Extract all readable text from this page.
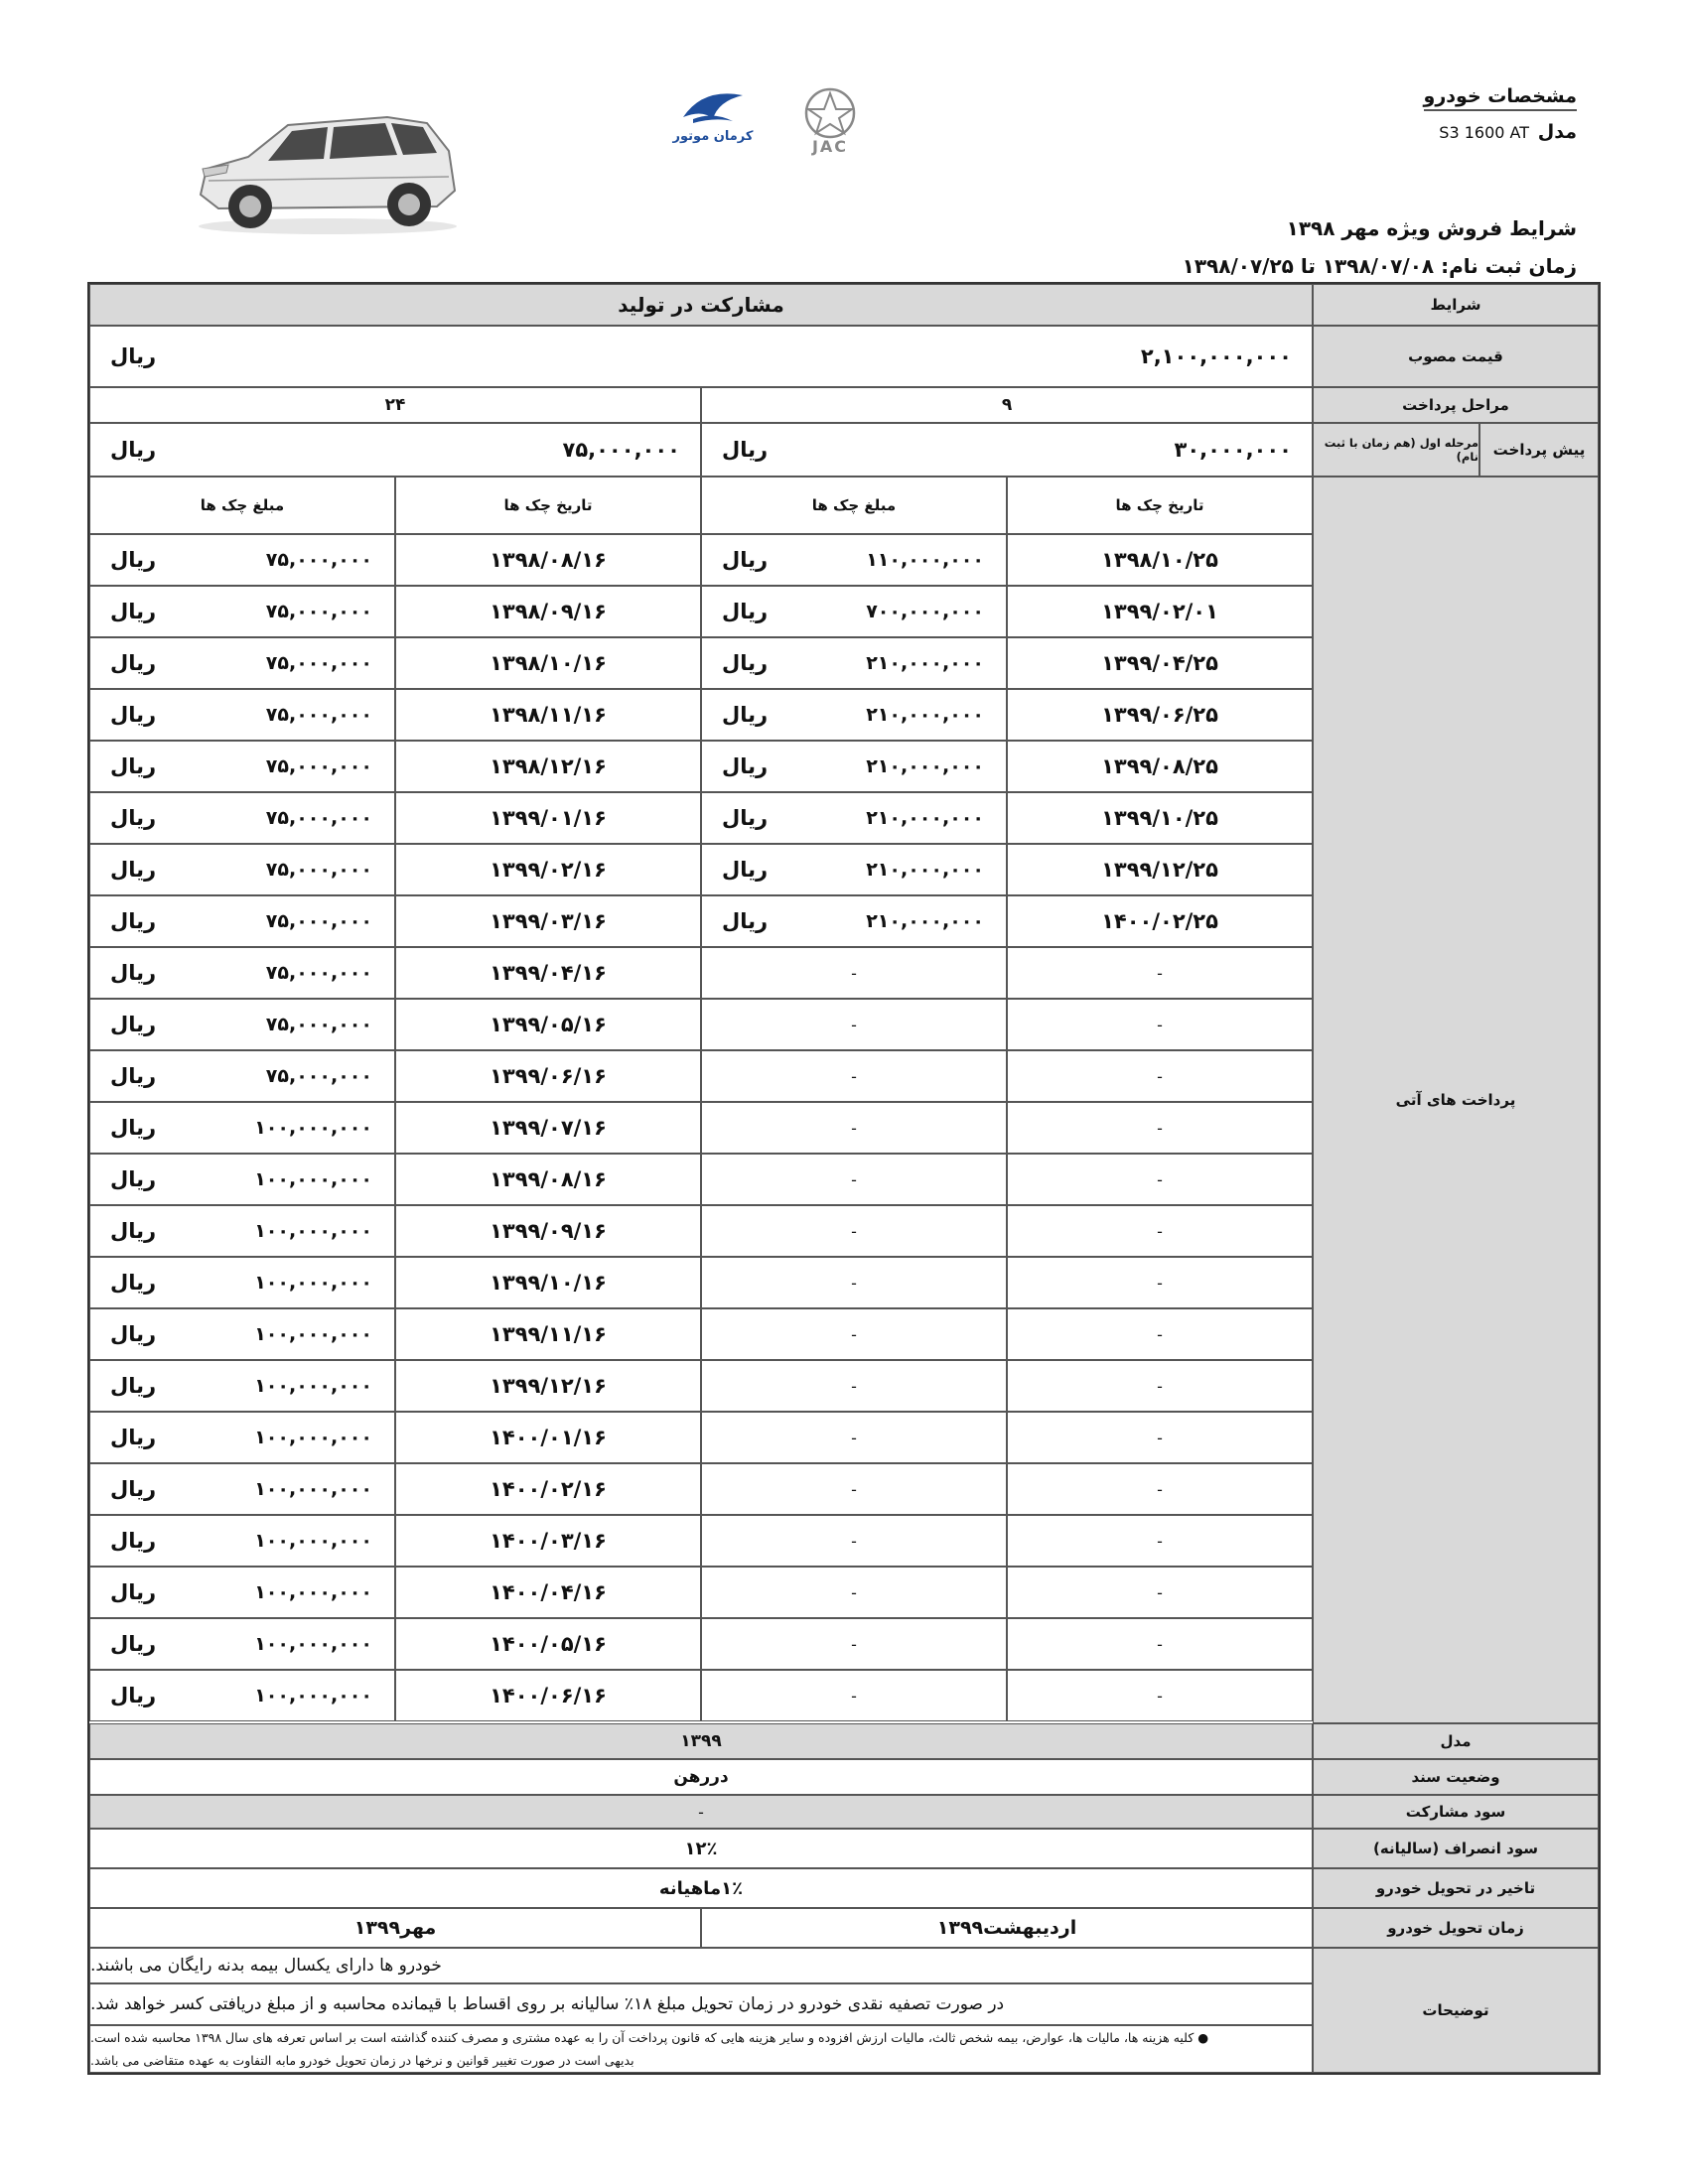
کرمان موتور
JAC
مشخصات خودرو
مدل
S3 1600 AT
شرایط فروش ویژه مهر ۱۳۹۸
زمان ثبت نام: ۱۳۹۸/۰۷/۰۸ تا ۱۳۹۸/۰۷/۲۵
شرایط
مشارکت در تولید
قیمت مصوب
۲,۱۰۰,۰۰۰,۰۰۰
ریال
مراحل پرداخت
۹
۲۴
پیش پرداخت
مرحله اول (هم زمان با ثبت نام)
۳۰,۰۰۰,۰۰۰
ریال
۷۵,۰۰۰,۰۰۰
ریال
پرداخت های آتی
تاریخ چک ها
مبلغ چک ها
تاریخ چک ها
مبلغ چک ها
۱۳۹۸/۱۰/۲۵
۱۱۰,۰۰۰,۰۰۰
ریال
۱۳۹۸/۰۸/۱۶
۷۵,۰۰۰,۰۰۰
ریال
۱۳۹۹/۰۲/۰۱
۷۰۰,۰۰۰,۰۰۰
ریال
۱۳۹۸/۰۹/۱۶
۷۵,۰۰۰,۰۰۰
ریال
۱۳۹۹/۰۴/۲۵
۲۱۰,۰۰۰,۰۰۰
ریال
۱۳۹۸/۱۰/۱۶
۷۵,۰۰۰,۰۰۰
ریال
۱۳۹۹/۰۶/۲۵
۲۱۰,۰۰۰,۰۰۰
ریال
۱۳۹۸/۱۱/۱۶
۷۵,۰۰۰,۰۰۰
ریال
۱۳۹۹/۰۸/۲۵
۲۱۰,۰۰۰,۰۰۰
ریال
۱۳۹۸/۱۲/۱۶
۷۵,۰۰۰,۰۰۰
ریال
۱۳۹۹/۱۰/۲۵
۲۱۰,۰۰۰,۰۰۰
ریال
۱۳۹۹/۰۱/۱۶
۷۵,۰۰۰,۰۰۰
ریال
۱۳۹۹/۱۲/۲۵
۲۱۰,۰۰۰,۰۰۰
ریال
۱۳۹۹/۰۲/۱۶
۷۵,۰۰۰,۰۰۰
ریال
۱۴۰۰/۰۲/۲۵
۲۱۰,۰۰۰,۰۰۰
ریال
۱۳۹۹/۰۳/۱۶
۷۵,۰۰۰,۰۰۰
ریال
-
-
۱۳۹۹/۰۴/۱۶
۷۵,۰۰۰,۰۰۰
ریال
-
-
۱۳۹۹/۰۵/۱۶
۷۵,۰۰۰,۰۰۰
ریال
-
-
۱۳۹۹/۰۶/۱۶
۷۵,۰۰۰,۰۰۰
ریال
-
-
۱۳۹۹/۰۷/۱۶
۱۰۰,۰۰۰,۰۰۰
ریال
-
-
۱۳۹۹/۰۸/۱۶
۱۰۰,۰۰۰,۰۰۰
ریال
-
-
۱۳۹۹/۰۹/۱۶
۱۰۰,۰۰۰,۰۰۰
ریال
-
-
۱۳۹۹/۱۰/۱۶
۱۰۰,۰۰۰,۰۰۰
ریال
-
-
۱۳۹۹/۱۱/۱۶
۱۰۰,۰۰۰,۰۰۰
ریال
-
-
۱۳۹۹/۱۲/۱۶
۱۰۰,۰۰۰,۰۰۰
ریال
-
-
۱۴۰۰/۰۱/۱۶
۱۰۰,۰۰۰,۰۰۰
ریال
-
-
۱۴۰۰/۰۲/۱۶
۱۰۰,۰۰۰,۰۰۰
ریال
-
-
۱۴۰۰/۰۳/۱۶
۱۰۰,۰۰۰,۰۰۰
ریال
-
-
۱۴۰۰/۰۴/۱۶
۱۰۰,۰۰۰,۰۰۰
ریال
-
-
۱۴۰۰/۰۵/۱۶
۱۰۰,۰۰۰,۰۰۰
ریال
-
-
۱۴۰۰/۰۶/۱۶
۱۰۰,۰۰۰,۰۰۰
ریال
مدل
۱۳۹۹
وضعیت سند
دررهن
سود مشارکت
-
سود انصراف (سالیانه)
۱۲٪
تاخیر در تحویل خودرو
۱٪ماهیانه
زمان تحویل خودرو
اردیبهشت۱۳۹۹
مهر۱۳۹۹
توضیحات
خودرو ها دارای یکسال بیمه بدنه رایگان می باشند.
در صورت تصفیه نقدی خودرو در زمان تحویل مبلغ ۱۸٪ سالیانه بر روی اقساط با قیمانده محاسبه و از مبلغ دریافتی کسر خواهد شد.
● کلیه هزینه ها، مالیات ها، عوارض، بیمه شخص ثالث، مالیات ارزش افزوده و سایر هزینه هایی که قانون پرداخت آن را به عهده مشتری و مصرف کننده گذاشته است بر اساس تعرفه های سال ۱۳۹۸ محاسبه شده است.
بدیهی است در صورت تغییر قوانین و نرخها در زمان تحویل خودرو مابه التفاوت به عهده متقاضی می باشد.
